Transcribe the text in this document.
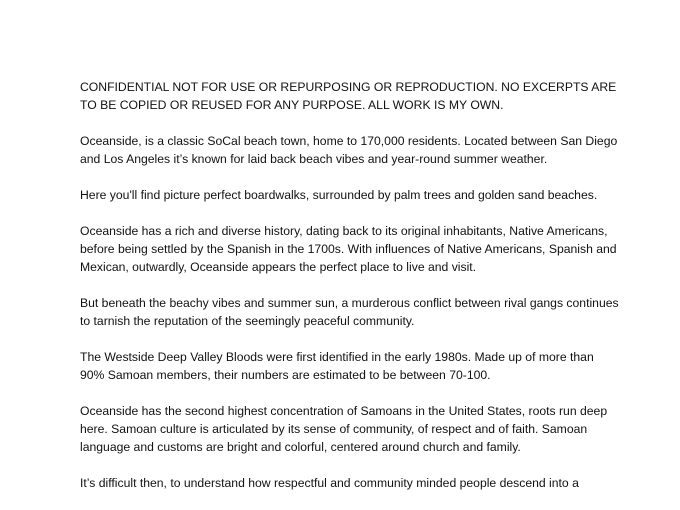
CONFIDENTIAL NOT FOR USE OR REPURPOSING OR REPRODUCTION. NO EXCERPTS ARE TO BE COPIED OR REUSED FOR ANY PURPOSE. ALL WORK IS MY OWN.

Oceanside, is a classic SoCal beach town, home to 170,000 residents. Located between San Diego and Los Angeles it’s known for laid back beach vibes and year-round summer weather.

Here you'll find picture perfect boardwalks, surrounded by palm trees and golden sand beaches.

Oceanside has a rich and diverse history, dating back to its original inhabitants, Native Americans, before being settled by the Spanish in the 1700s. With influences of Native Americans, Spanish and Mexican, outwardly, Oceanside appears the perfect place to live and visit.

But beneath the beachy vibes and summer sun, a murderous conflict between rival gangs continues to tarnish the reputation of the seemingly peaceful community.

The Westside Deep Valley Bloods were first identified in the early 1980s. Made up of more than 90% Samoan members, their numbers are estimated to be between 70-100.

Oceanside has the second highest concentration of Samoans in the United States, roots run deep here. Samoan culture is articulated by its sense of community, of respect and of faith. Samoan language and customs are bright and colorful, centered around church and family.

It’s difficult then, to understand how respectful and community minded people descend into a
